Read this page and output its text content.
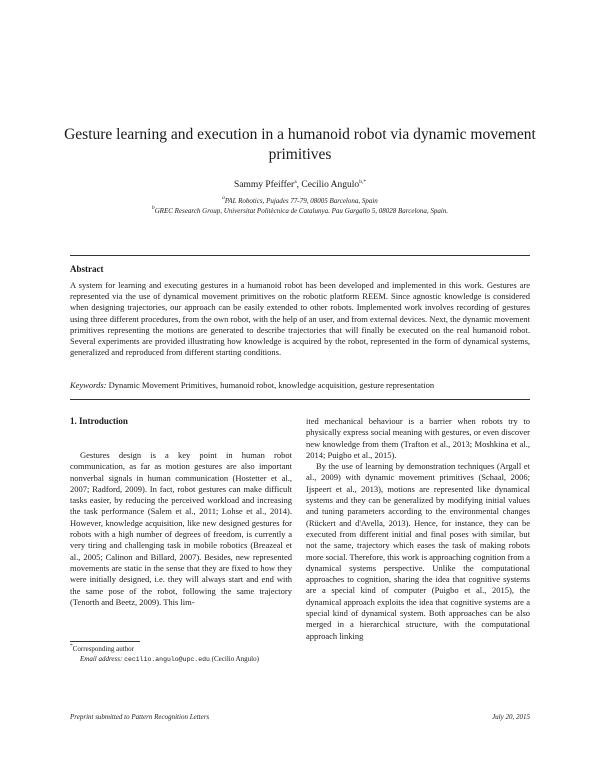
Gesture learning and execution in a humanoid robot via dynamic movement primitives
Sammy Pfeiffer$^a$, Cecilio Angulo$^{b,*}$
$^a$PAL Robotics, Pujades 77-79, 08005 Barcelona, Spain
$^b$GREC Research Group, Universitat Politècnica de Catalunya. Pau Gargallo 5, 08028 Barcelona, Spain.
Abstract
A system for learning and executing gestures in a humanoid robot has been developed and implemented in this work. Gestures are represented via the use of dynamical movement primitives on the robotic platform REEM. Since agnostic knowledge is considered when designing trajectories, our approach can be easily extended to other robots. Implemented work involves recording of gestures using three different procedures, from the own robot, with the help of an user, and from external devices. Next, the dynamic movement primitives representing the motions are generated to describe trajectories that will finally be executed on the real humanoid robot. Several experiments are provided illustrating how knowledge is acquired by the robot, represented in the form of dynamical systems, generalized and reproduced from different starting conditions.
Keywords: Dynamic Movement Primitives, humanoid robot, knowledge acquisition, gesture representation
1. Introduction

Gestures design is a key point in human robot communication, as far as motion gestures are also important nonverbal signals in human communication (Hostetter et al., 2007; Radford, 2009). In fact, robot gestures can make difficult tasks easier, by reducing the perceived workload and increasing the task performance (Salem et al., 2011; Lohse et al., 2014). However, knowledge acquisition, like new designed gestures for robots with a high number of degrees of freedom, is currently a very tiring and challenging task in mobile robotics (Breazeal et al., 2005; Calinon and Billard, 2007). Besides, new represented movements are static in the sense that they are fixed to how they were initially designed, i.e. they will always start and end with the same pose of the robot, following the same trajectory (Tenorth and Beetz, 2009). This lim-

ited mechanical behaviour is a barrier when robots try to physically express social meaning with gestures, or even discover new knowledge from them (Trafton et al., 2013; Moshkina et al., 2014; Puigbo et al., 2015).

By the use of learning by demonstration techniques (Argall et al., 2009) with dynamic movement primitives (Schaal, 2006; Ijspeert et al., 2013), motions are represented like dynamical systems and they can be generalized by modifying initial values and tuning parameters according to the environmental changes (Rückert and d'Avella, 2013). Hence, for instance, they can be executed from different initial and final poses with similar, but not the same, trajectory which eases the task of making robots more social. Therefore, this work is approaching cognition from a dynamical systems perspective. Unlike the computational approaches to cognition, sharing the idea that cognitive systems are a special kind of computer (Puigbo et al., 2015), the dynamical approach exploits the idea that cognitive systems are a special kind of dynamical system. Both approaches can be also merged in a hierarchical structure, with the computational approach linking

*Corresponding author
Email address: cecilio.angulo@upc.edu (Cecilio Angulo)
Preprint submitted to Pattern Recognition Letters	July 20, 2015
